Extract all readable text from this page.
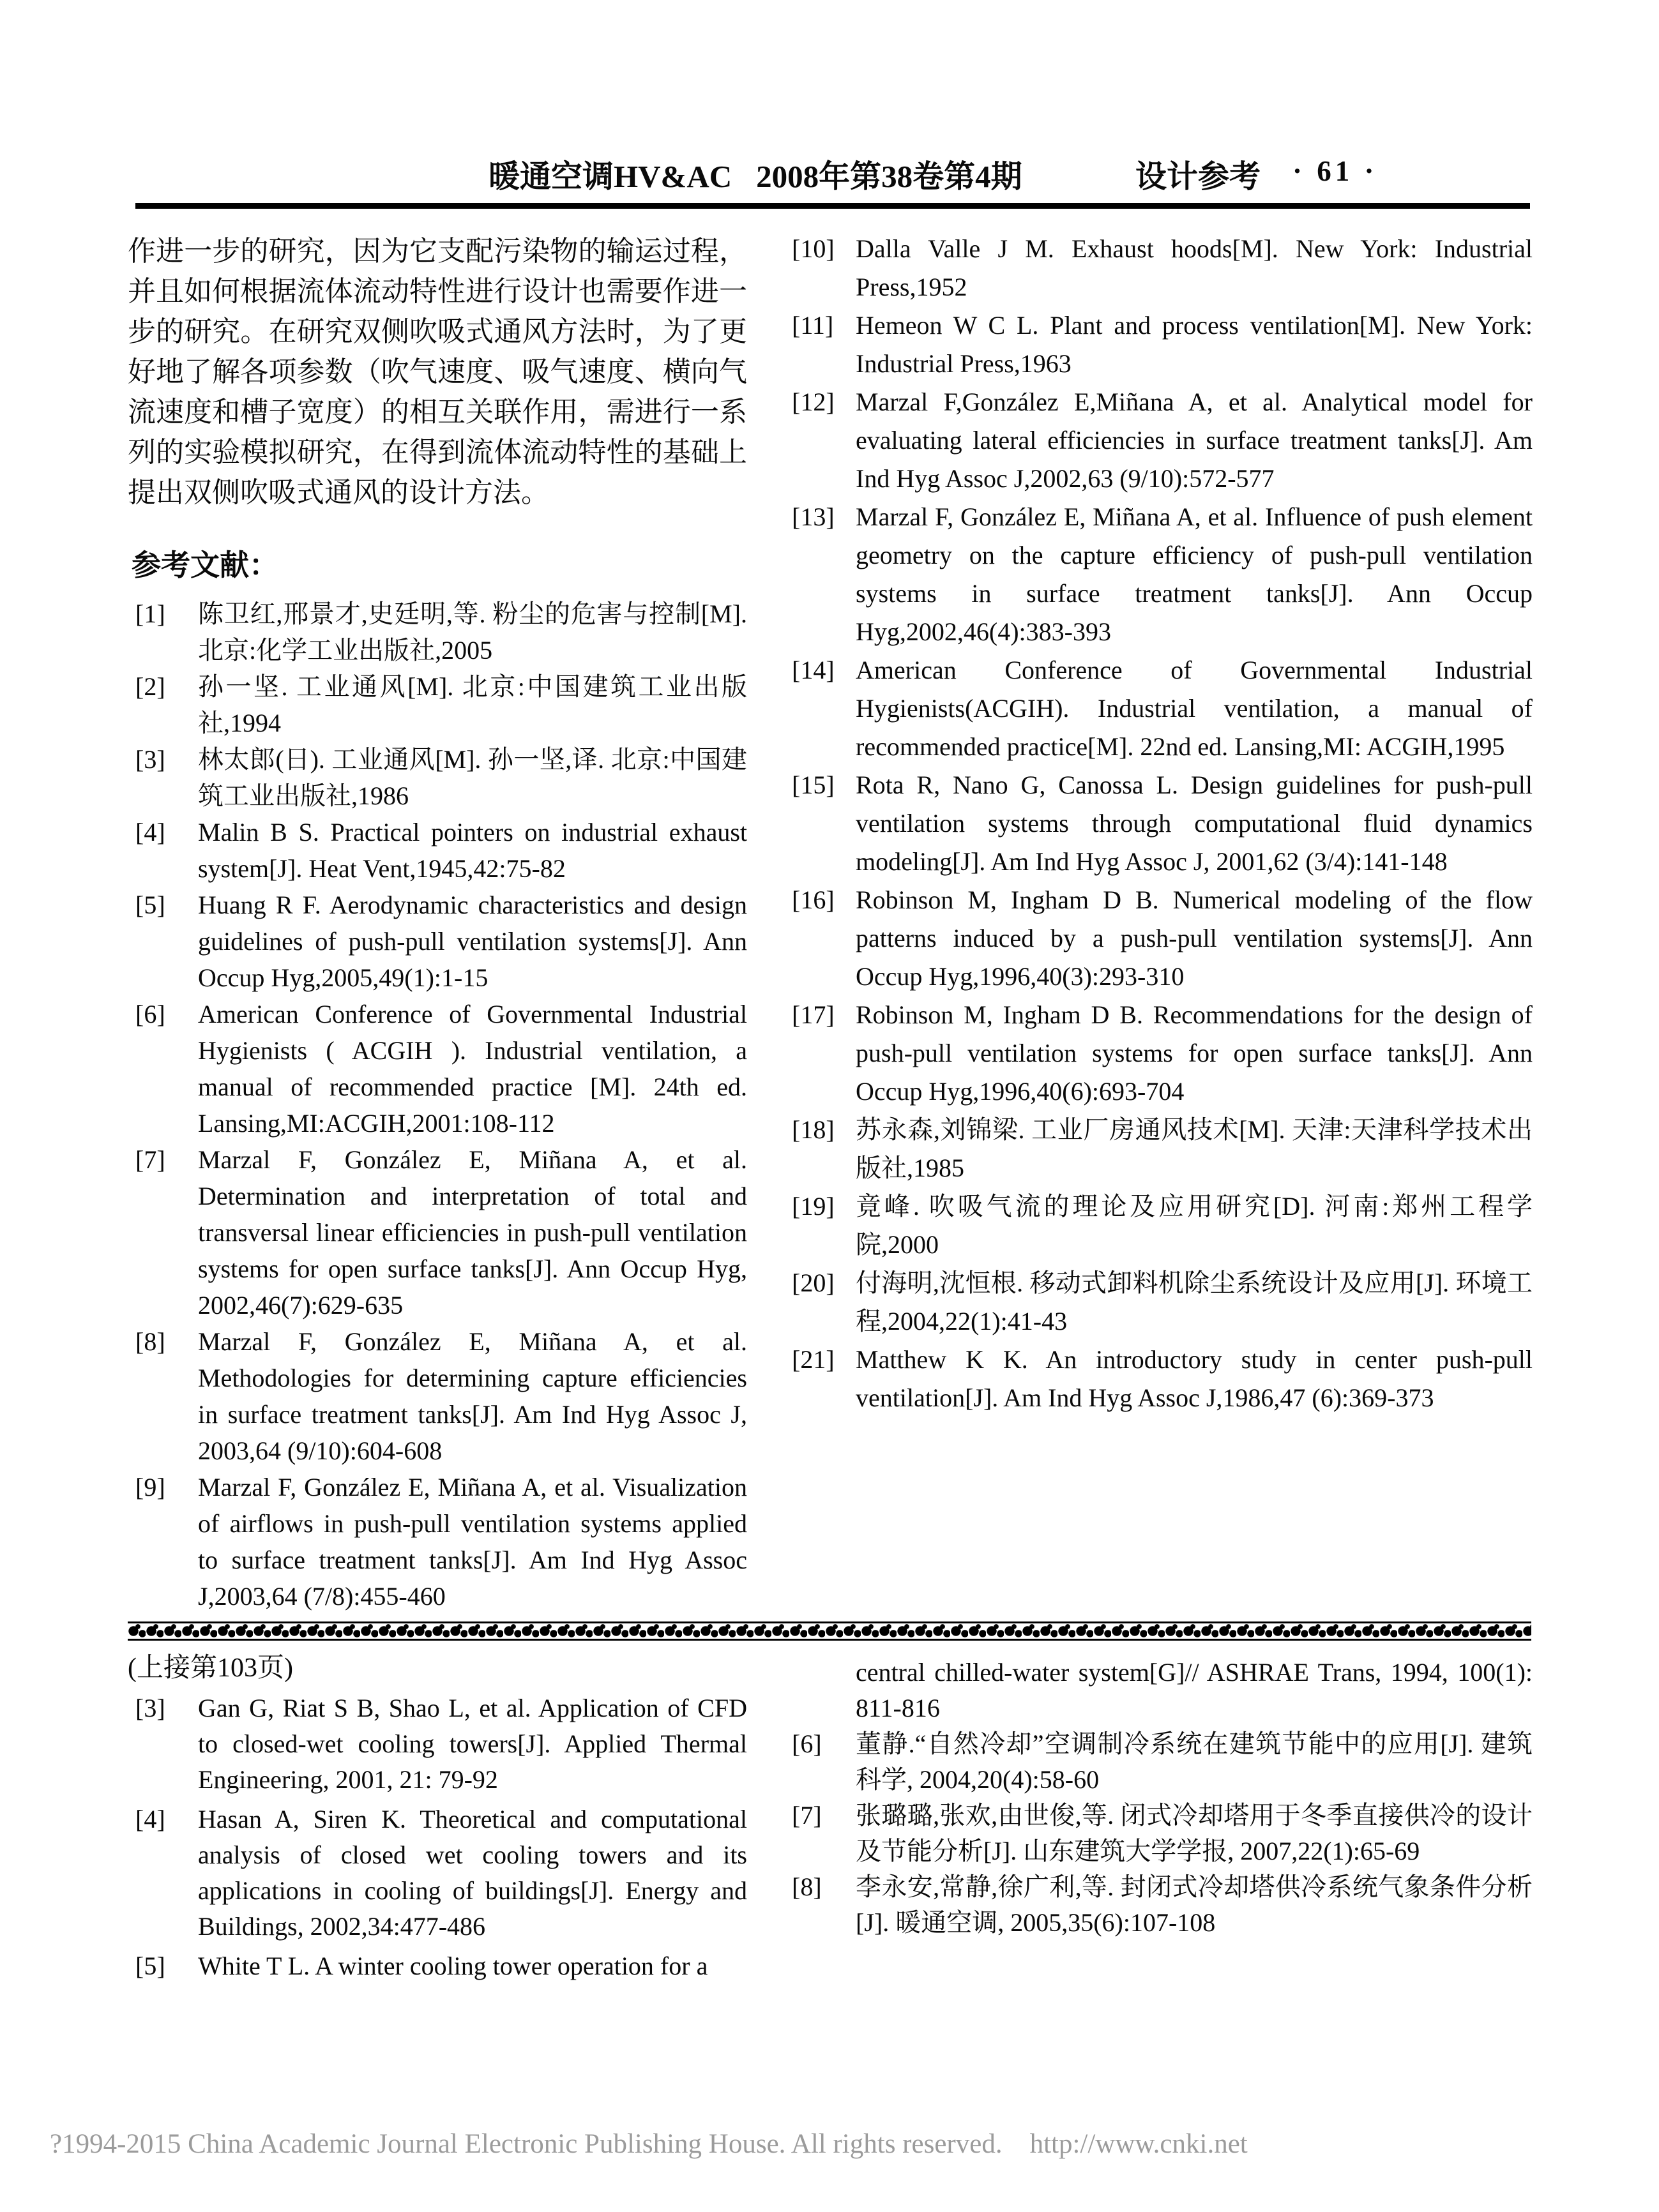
暖通空调HV&AC 2008年第38卷第4期	设计参考 · 61 ·
作进一步的研究，因为它支配污染物的输运过程，并且如何根据流体流动特性进行设计也需要作进一步的研究。在研究双侧吹吸式通风方法时，为了更好地了解各项参数（吹气速度、吸气速度、横向气流速度和槽子宽度）的相互关联作用，需进行一系列的实验模拟研究，在得到流体流动特性的基础上提出双侧吹吸式通风的设计方法。
参考文献：
[1]	陈卫红,邢景才,史廷明,等. 粉尘的危害与控制[M]. 北京:化学工业出版社,2005
[2]	孙一坚. 工业通风[M]. 北京:中国建筑工业出版社,1994
[3]	林太郎(日). 工业通风[M]. 孙一坚,译. 北京:中国建筑工业出版社,1986
[4]	Malin B S. Practical pointers on industrial exhaust system[J]. Heat Vent,1945,42:75-82
[5]	Huang R F. Aerodynamic characteristics and design guidelines of push-pull ventilation systems[J]. Ann Occup Hyg,2005,49(1):1-15
[6]	American Conference of Governmental Industrial Hygienists ( ACGIH ). Industrial ventilation, a manual of recommended practice [M]. 24th ed. Lansing,MI:ACGIH,2001:108-112
[7]	Marzal F, González E, Miñana A, et al. Determination and interpretation of total and transversal linear efficiencies in push-pull ventilation systems for open surface tanks[J]. Ann Occup Hyg, 2002,46(7):629-635
[8]	Marzal F, González E, Miñana A, et al. Methodologies for determining capture efficiencies in surface treatment tanks[J]. Am Ind Hyg Assoc J, 2003,64 (9/10):604-608
[9]	Marzal F, González E, Miñana A, et al. Visualization of airflows in push-pull ventilation systems applied to surface treatment tanks[J]. Am Ind Hyg Assoc J,2003,64 (7/8):455-460
[10] Dalla Valle J M. Exhaust hoods[M]. New York: Industrial Press,1952
[11] Hemeon W C L. Plant and process ventilation[M]. New York: Industrial Press,1963
[12] Marzal F,González E,Miñana A, et al. Analytical model for evaluating lateral efficiencies in surface treatment tanks[J]. Am Ind Hyg Assoc J,2002,63 (9/10):572-577
[13] Marzal F, González E, Miñana A, et al. Influence of push element geometry on the capture efficiency of push-pull ventilation systems in surface treatment tanks[J]. Ann Occup Hyg,2002,46(4):383-393
[14] American Conference of Governmental Industrial Hygienists(ACGIH). Industrial ventilation, a manual of recommended practice[M]. 22nd ed. Lansing,MI: ACGIH,1995
[15] Rota R, Nano G, Canossa L. Design guidelines for push-pull ventilation systems through computational fluid dynamics modeling[J]. Am Ind Hyg Assoc J, 2001,62 (3/4):141-148
[16] Robinson M, Ingham D B. Numerical modeling of the flow patterns induced by a push-pull ventilation systems[J]. Ann Occup Hyg,1996,40(3):293-310
[17] Robinson M, Ingham D B. Recommendations for the design of push-pull ventilation systems for open surface tanks[J]. Ann Occup Hyg,1996,40(6):693-704
[18] 苏永森,刘锦梁. 工业厂房通风技术[M]. 天津:天津科学技术出版社,1985
[19] 竟峰. 吹吸气流的理论及应用研究[D]. 河南:郑州工程学院,2000
[20] 付海明,沈恒根. 移动式卸料机除尘系统设计及应用[J]. 环境工程,2004,22(1):41-43
[21] Matthew K K. An introductory study in center push-pull ventilation[J]. Am Ind Hyg Assoc J,1986,47 (6):369-373
(上接第103页)
[3]	Gan G, Riat S B, Shao L, et al. Application of CFD to closed-wet cooling towers[J]. Applied Thermal Engineering, 2001, 21: 79-92
[4]	Hasan A, Siren K. Theoretical and computational analysis of closed wet cooling towers and its applications in cooling of buildings[J]. Energy and Buildings, 2002,34:477-486
[5]	White T L. A winter cooling tower operation for a
central chilled-water system[G]// ASHRAE Trans, 1994, 100(1): 811-816
[6]	董静.“自然冷却”空调制冷系统在建筑节能中的应用[J]. 建筑科学, 2004,20(4):58-60
[7]	张璐璐,张欢,由世俊,等. 闭式冷却塔用于冬季直接供冷的设计及节能分析[J]. 山东建筑大学学报, 2007,22(1):65-69
[8]	李永安,常静,徐广利,等. 封闭式冷却塔供冷系统气象条件分析[J]. 暖通空调, 2005,35(6):107-108
?1994-2015 China Academic Journal Electronic Publishing House. All rights reserved.    http://www.cnki.net
